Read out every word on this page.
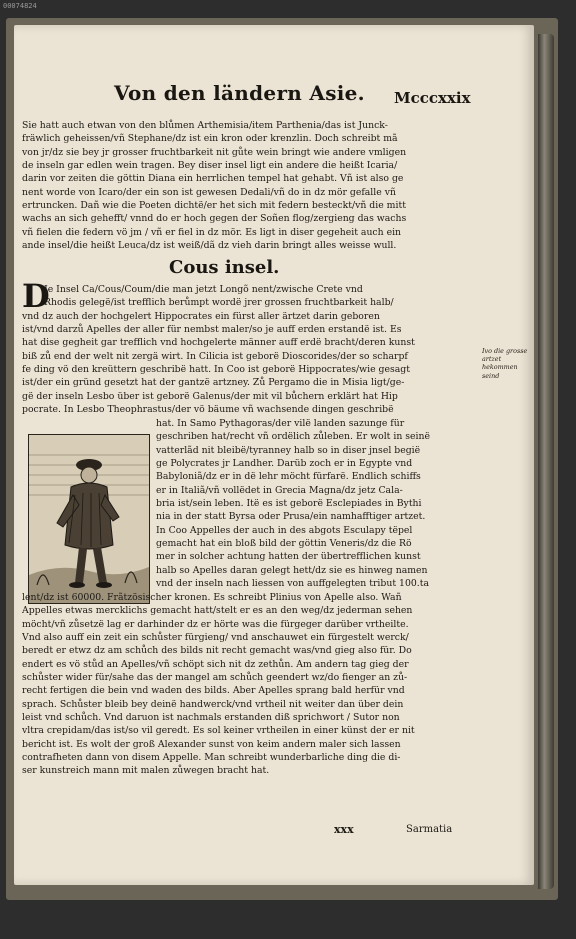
00074824
Von den ländern Asie. Mcccxxix
Sie hatt auch etwan von den blůmen Arthemisia/item Parthenia/das ist Junck-
fräwlich geheissen/vñ Stephane/dz ist ein kron oder krenzlin. Doch schreibt mã
von jr/dz sie bey jr grosser fruchtbarkeit nit gůte wein bringt wie andere vmligen
de inseln gar edlen wein tragen. Bey diser insel ligt ein andere die heißt Icaria/
darin vor zeiten die göttin Diana ein herrlichen tempel hat gehabt. Vñ ist also ge
nent worde von Icaro/der ein son ist gewesen Dedali/vñ do in dz mör gefalle vñ
ertruncken. Dañ wie die Poeten dichtë/er het sich mit federn besteckt/vñ die mitt
wachs an sich gehefft/ vnnd do er hoch gegen der Soñen flog/zergieng das wachs
vñ fielen die federn vö jm / vñ er fiel in dz mör. Es ligt in diser gegeheit auch ein
ande insel/die heißt Leuca/dz ist weiß/dã dz vieh darin bringt alles weisse wull.
Cous insel.
D
Je Insel Ca/Cous/Coum/die man jetzt Longõ nent/zwische Crete vnd
Rhodis gelegë/ist trefflich berůmpt wordë jrer grossen fruchtbarkeit halb/
vnd dz auch der hochgelert Hippocrates ein fürst aller ärtzet darin geboren
ist/vnd darzů Apelles der aller für nembst maler/so je auff erden erstandë ist. Es
hat dise gegheit gar trefflich vnd hochgelerte männer auff erdë bracht/deren kunst
biß zů end der welt nit zergä wirt. In Cilicia ist geborë Dioscorides/der so scharpf
fe ding vö den kreüttern geschribë hatt. In Coo ist geborë Hippocrates/wie gesagt
ist/der ein gründ gesetzt hat der gantzë artzney. Zů Pergamo die in Misia ligt/ge-
gë der inseln Lesbo über ist geborë Galenus/der mit vil bůchern erklärt hat Hip
pocrate. In Lesbo Theophrastus/der vö bäume vñ wachsende dingen geschribë
Ivo die grosse artzet hekommen seind
hat. In Samo Pythagoras/der vilë landen sazunge für
geschriben hat/recht vñ ordëlich zůleben. Er wolt in seinë
vatterlãd nit bleibë/tyranney halb so in diser jnsel begië
ge Polycrates jr Landher. Darüb zoch er in Egypte vnd
Babyloniã/dz er in dë lehr möcht fürfarë. Endlich schiffs
er in Italiã/vñ vollëdet in Grecia Magna/dz jetz Cala-
bria ist/sein leben. Itë es ist geborë Esclepiades in Bythi
nia in der statt Byrsa oder Prusa/ein namhafftiger artzet.
In Coo Appelles der auch in des abgots Esculapy tëpel
gemacht hat ein bloß bild der göttin Veneris/dz die Rö
mer in solcher achtung hatten der übertrefflichen kunst
halb so Apelles daran gelegt hett/dz sie es hinweg namen
vnd der inseln nach liessen von auffgelegten tribut 100.ta
lent/dz ist 60000. Frãtzösischer kronen. Es schreibt Plinius von Apelle also. Wañ
Appelles etwas mercklichs gemacht hatt/stelt er es an den weg/dz jederman sehen
möcht/vñ zůsetzë lag er darhinder dz er hörte was die fürgeger darüber vrtheilte.
Vnd also auff ein zeit ein schůster fürgieng/ vnd anschauwet ein fürgestelt werck/
beredt er etwz dz am schůch des bilds nit recht gemacht was/vnd gieg also für. Do
endert es vö stůd an Apelles/vñ schöpt sich nit dz zethůn. Am andern tag gieg der
schůster wider für/sahe das der mangel am schůch geendert wz/do fienger an zů-
recht fertigen die bein vnd waden des bilds. Aber Apelles sprang bald herfür vnd
sprach. Schůster bleib bey deinë handwerck/vnd vrtheil nit weiter dan über dein
leist vnd schůch. Vnd daruon ist nachmals erstanden diß sprichwort / Sutor non
vltra crepidam/das ist/so vil geredt. Es sol keiner vrtheilen in einer künst der er nit
bericht ist. Es wolt der groß Alexander sunst von keim andern maler sich lassen
contrafheten dann von disem Appelle. Man schreibt wunderbarliche ding die di-
ser kunstreich mann mit malen zůwegen bracht hat.
xxx	Sarmatia
